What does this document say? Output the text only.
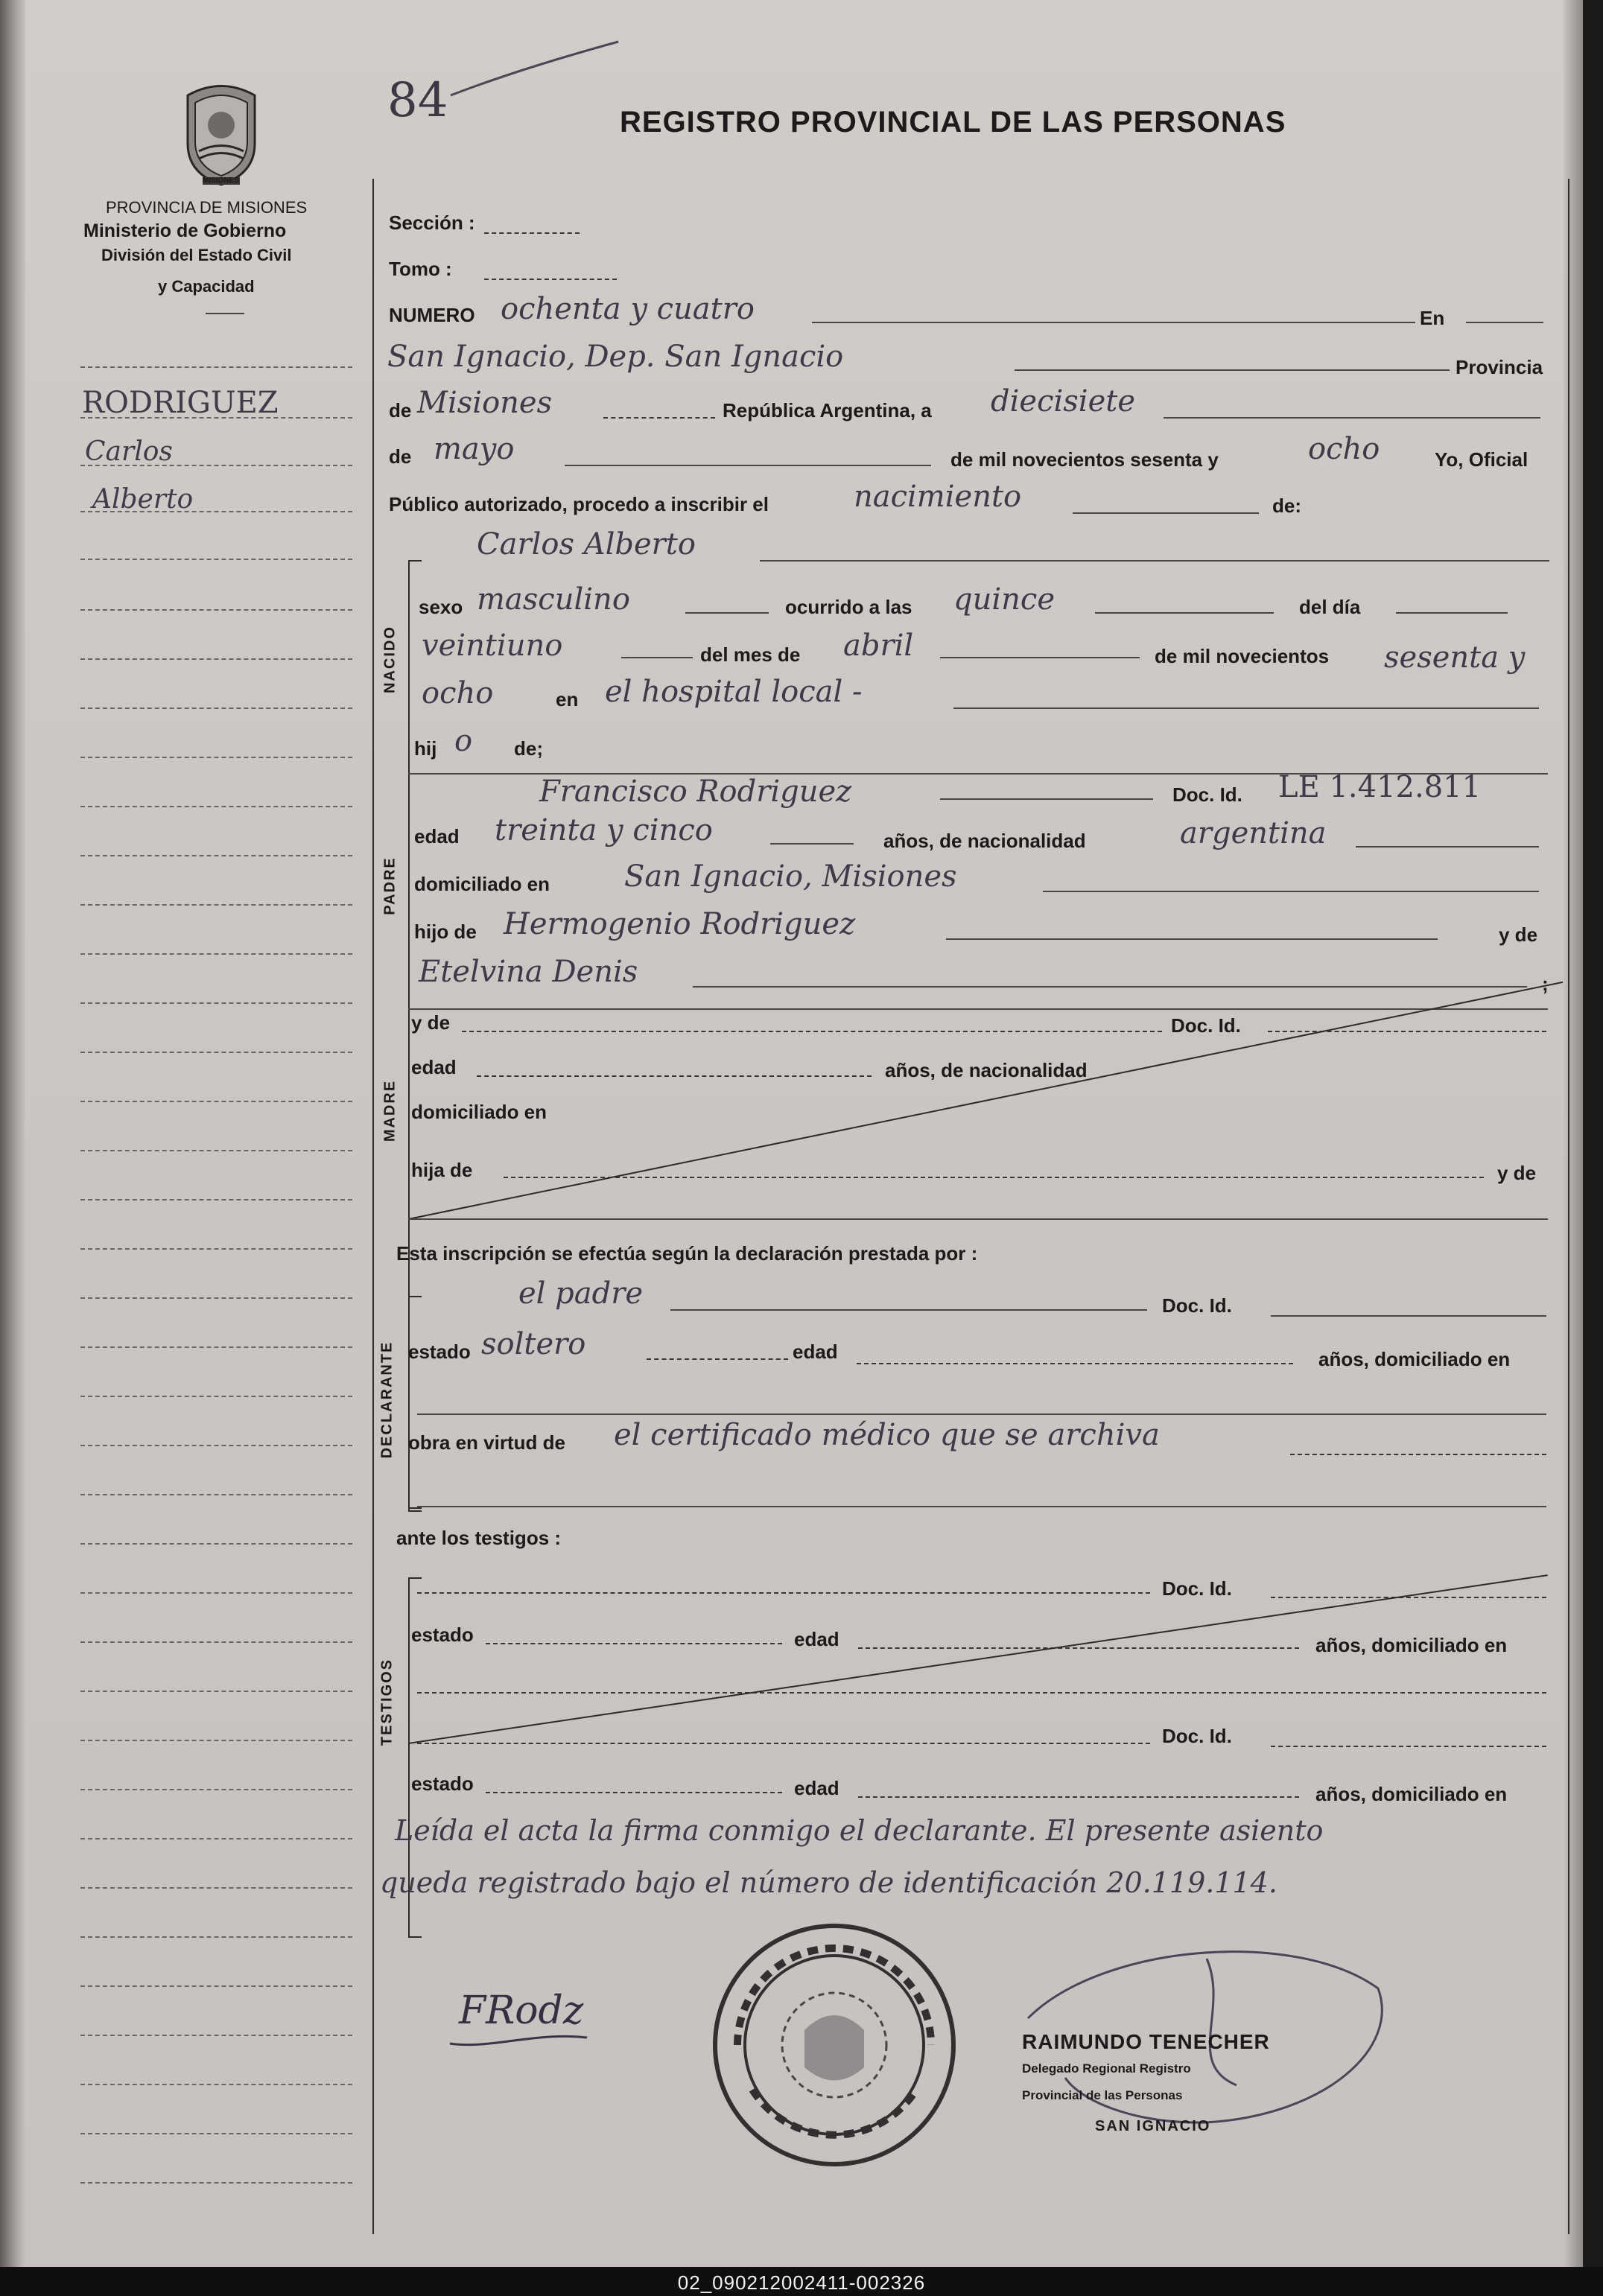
84
MISIONES
PROVINCIA DE MISIONES
Ministerio de Gobierno
División del Estado Civil
y Capacidad
REGISTRO PROVINCIAL DE LAS PERSONAS
RODRIGUEZ
Carlos
Alberto
Sección :
Tomo :
NUMERO ochenta y cuatro	En
San Ignacio, Dep. San Ignacio	Provincia
de Misiones	República Argentina, a diecisiete
de mayo	de mil novecientos sesenta y	ocho	Yo, Oficial
Público autorizado, procedo a inscribir el	nacimiento	de:
NACIDO
Carlos Alberto
sexo masculino	ocurrido a las quince	del día
veintiuno	del mes de abril	de mil novecientos sesenta y
ocho	en el hospital local -
hij o de;
PADRE
Francisco Rodriguez	Doc. Id. LE 1.412.811
edad treinta y cinco	años, de nacionalidad	argentina
domiciliado en San Ignacio, Misiones
hijo de Hermogenio Rodriguez	y de
Etelvina Denis	;
MADRE
y de	Doc. Id.
edad	años, de nacionalidad
domiciliado en
hija de	y de
Esta inscripción se efectúa según la declaración prestada por :
DECLARANTE
el padre	Doc. Id.
estado soltero	edad	años, domiciliado en
obra en virtud de el certificado médico que se archiva
ante los testigos :
TESTIGOS
Doc. Id.
estado	edad	años, domiciliado en
Doc. Id.
estado	edad	años, domiciliado en
Leída el acta la firma conmigo el declarante. El presente asiento
queda registrado bajo el número de identificación 20.119.114.
FRodz
RAIMUNDO TENECHER
Delegado Regional Registro
Provincial de las Personas
SAN IGNACIO
02_090212002411-002326
